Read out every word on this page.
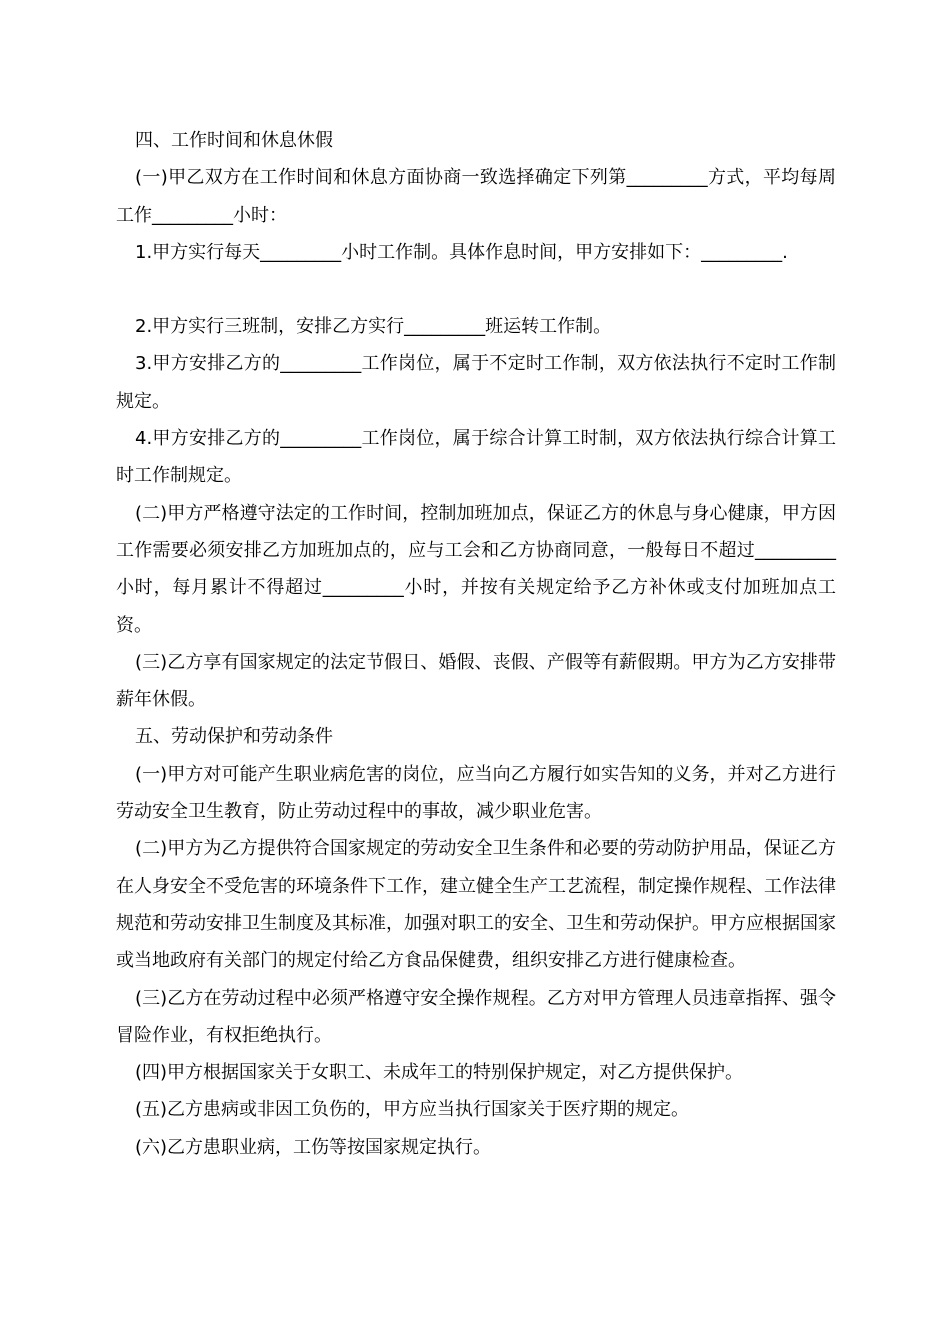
四、工作时间和休息休假

(一)甲乙双方在工作时间和休息方面协商一致选择确定下列第_________方式，平均每周工作_________小时：

1.甲方实行每天_________小时工作制。具体作息时间，甲方安排如下：_________.

2.甲方实行三班制，安排乙方实行_________班运转工作制。

3.甲方安排乙方的_________工作岗位，属于不定时工作制，双方依法执行不定时工作制规定。

4.甲方安排乙方的_________工作岗位，属于综合计算工时制，双方依法执行综合计算工时工作制规定。

(二)甲方严格遵守法定的工作时间，控制加班加点，保证乙方的休息与身心健康，甲方因工作需要必须安排乙方加班加点的，应与工会和乙方协商同意，一般每日不超过_________小时，每月累计不得超过_________小时，并按有关规定给予乙方补休或支付加班加点工资。

(三)乙方享有国家规定的法定节假日、婚假、丧假、产假等有薪假期。甲方为乙方安排带薪年休假。

五、劳动保护和劳动条件

(一)甲方对可能产生职业病危害的岗位，应当向乙方履行如实告知的义务，并对乙方进行劳动安全卫生教育，防止劳动过程中的事故，减少职业危害。

(二)甲方为乙方提供符合国家规定的劳动安全卫生条件和必要的劳动防护用品，保证乙方在人身安全不受危害的环境条件下工作，建立健全生产工艺流程，制定操作规程、工作法律规范和劳动安排卫生制度及其标准，加强对职工的安全、卫生和劳动保护。甲方应根据国家或当地政府有关部门的规定付给乙方食品保健费，组织安排乙方进行健康检查。

(三)乙方在劳动过程中必须严格遵守安全操作规程。乙方对甲方管理人员违章指挥、强令冒险作业，有权拒绝执行。

(四)甲方根据国家关于女职工、未成年工的特别保护规定，对乙方提供保护。

(五)乙方患病或非因工负伤的，甲方应当执行国家关于医疗期的规定。

(六)乙方患职业病，工伤等按国家规定执行。
